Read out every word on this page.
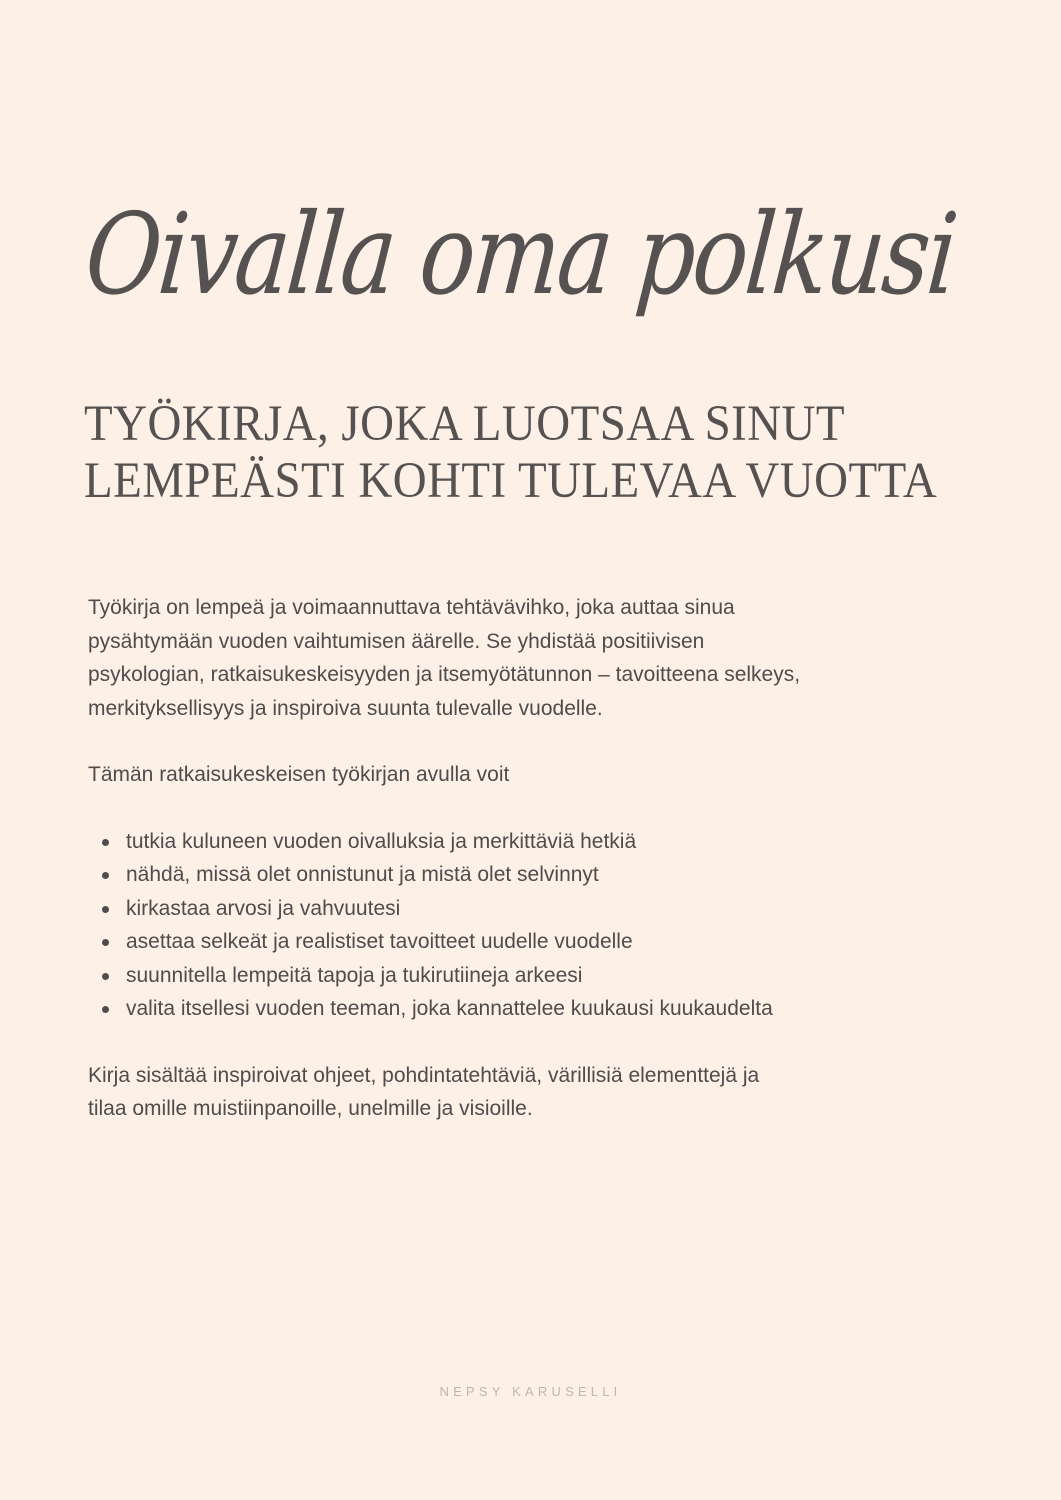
Oivalla oma polkusi
TYÖKIRJA, JOKA LUOTSAA SINUT
LEMPEÄSTI KOHTI TULEVAA VUOTTA

Työkirja on lempeä ja voimaannuttava tehtävävihko, joka auttaa sinua

pysähtymään vuoden vaihtumisen äärelle. Se yhdistää positiivisen

psykologian, ratkaisukeskeisyyden ja itsemyötätunnon – tavoitteena selkeys,

merkityksellisyys ja inspiroiva suunta tulevalle vuodelle.

Tämän ratkaisukeskeisen työkirjan avulla voit

tutkia kuluneen vuoden oivalluksia ja merkittäviä hetkiä
nähdä, missä olet onnistunut ja mistä olet selvinnyt
kirkastaa arvosi ja vahvuutesi
asettaa selkeät ja realistiset tavoitteet uudelle vuodelle
suunnitella lempeitä tapoja ja tukirutiineja arkeesi
valita itsellesi vuoden teeman, joka kannattelee kuukausi kuukaudelta

Kirja sisältää inspiroivat ohjeet, pohdintatehtäviä, värillisiä elementtejä ja

tilaa omille muistiinpanoille, unelmille ja visioille.

NEPSY KARUSELLI
